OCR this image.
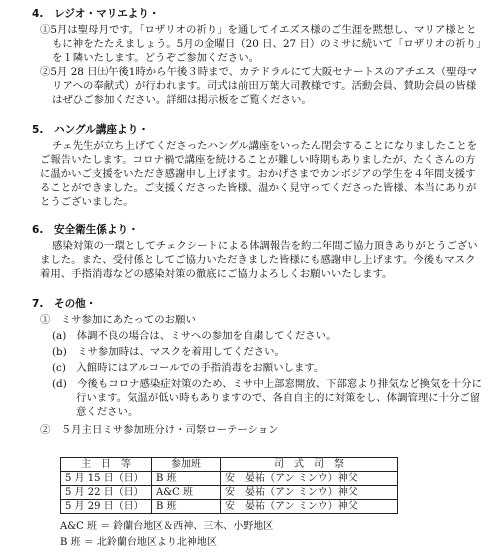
4.　レジオ・マリエより・
①5月は聖母月です。「ロザリオの祈り」を通してイエズス様のご生涯を黙想し、マリア様とと
もに神をたたえましょう。5月の金曜日（20 日、27 日）のミサに続いて「ロザリオの祈り」
を１隣いたします。どうぞご参加ください。
②5月 28 日㈯午後1時から午後３時まで、カテドラルにて大阪セナートスのアチエス（聖母マ
リアへの奉献式）が行われます。司式は前田万葉大司教様です。活動会員、賛助会員の皆様
はぜひご参加ください。詳細は掲示板をご覧ください。
5.　ハングル講座より・
チェ先生が立ち上げてくださったハングル講座をいったん閉会することになりましたことを
ご報告いたします。コロナ禍で講座を続けることが難しい時期もありましたが、たくさんの方
に温かいご支援をいただき感謝申し上げます。おかげさまでカンボジアの学生を４年間支援す
ることができました。ご支援くださった皆様、温かく見守ってくださった皆様、本当にありが
とうございました。
6.　安全衛生係より・
感染対策の一環としてチェクシートによる体調報告を約二年間ご協力頂きありがとうござい
ました。また、受付係としてご協力いただきました皆様にも感謝申し上げます。今後もマスク
着用、手指消毒などの感染対策の徹底にご協力よろしくお願いいたします。
7.　その他・
①　ミサ参加にあたってのお願い
(a)　体調不良の場合は、ミサへの参加を自粛してください。
(b)　ミサ参加時は、マスクを着用してください。
(c)　入館時にはアルコールでの手指消毒をお願いします。
(d)　今後もコロナ感染症対策のため、ミサ中上部窓開放、下部窓より排気など換気を十分に
行います。気温が低い時もありますので、各自自主的に対策をし、体調管理に十分ご留
意ください。
②　５月主日ミサ参加班分け・司祭ローテーション
主　日　等	参加班	司　式　司　祭
5 月 15 日（日）	B 班	安　晏祐（アン ミンウ）神父
5 月 22 日（日）	A&C 班	安　晏祐（アン ミンウ）神父
5 月 29 日（日）	B 班	安　晏祐（アン ミンウ）神父
A&C 班 ＝ 鈴蘭台地区＆西神、三木、小野地区
B 班 ＝ 北鈴蘭台地区より北神地区
